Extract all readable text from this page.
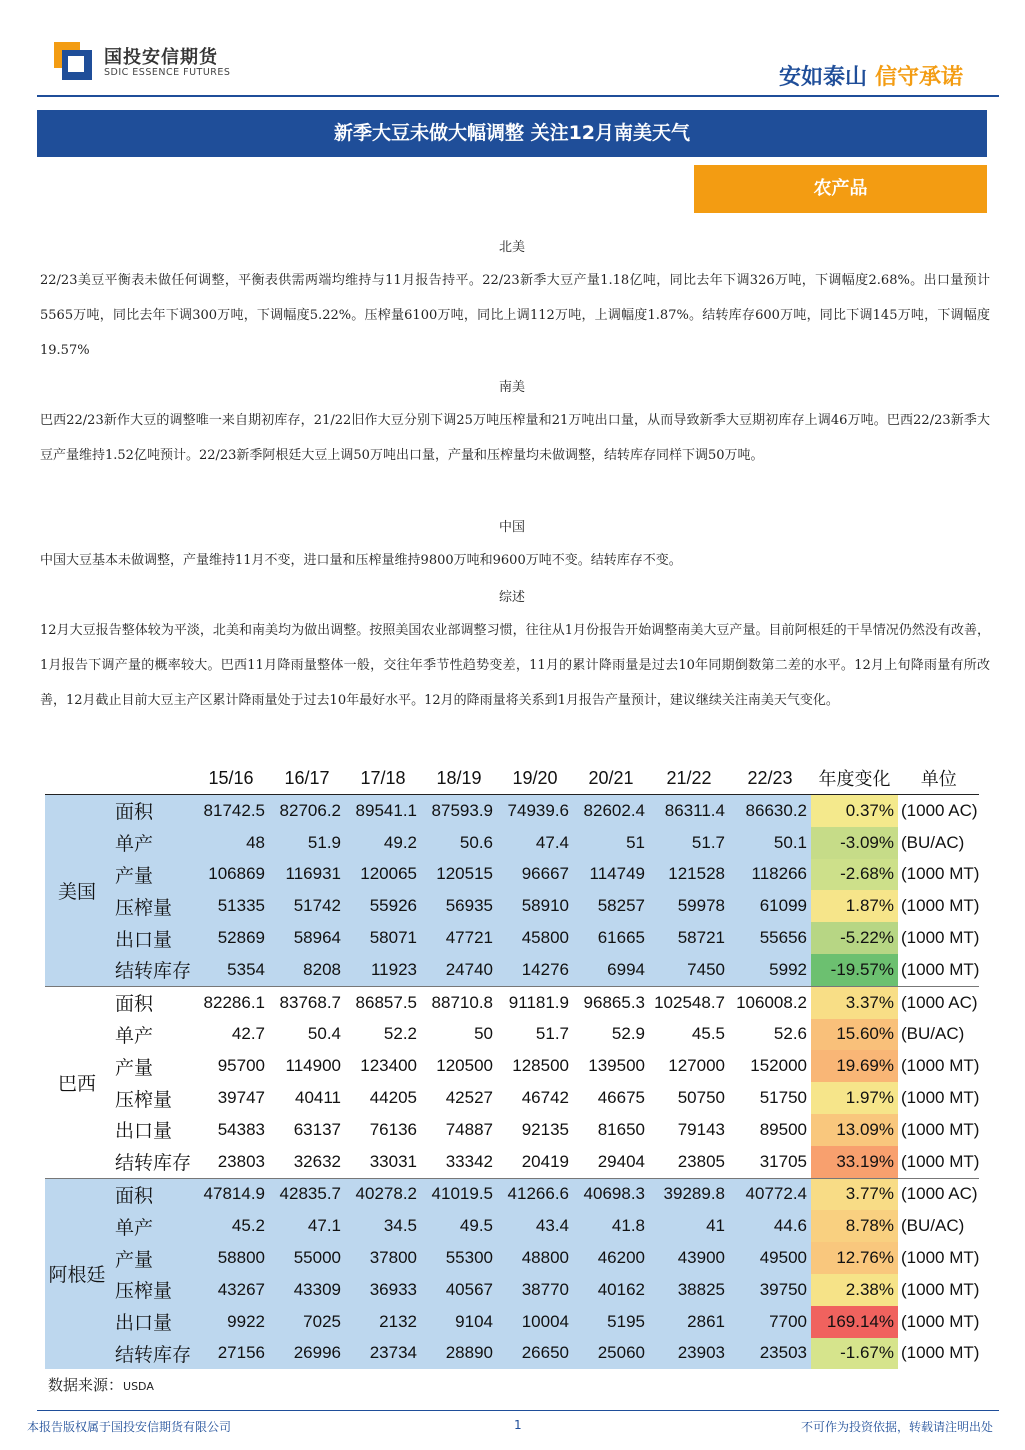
国投安信期货
SDIC ESSENCE FUTURES	安如泰山 信守承诺
新季大豆未做大幅调整 关注12月南美天气
农产品
北美

22/23美豆平衡表未做任何调整，平衡表供需两端均维持与11月报告持平。22/23新季大豆产量1.18亿吨，同比去年下调326万吨，下调幅度2.68%。出口量预计5565万吨，同比去年下调300万吨，下调幅度5.22%。压榨量6100万吨，同比上调112万吨，上调幅度1.87%。结转库存600万吨，同比下调145万吨，下调幅度19.57%

南美

巴西22/23新作大豆的调整唯一来自期初库存，21/22旧作大豆分别下调25万吨压榨量和21万吨出口量，从而导致新季大豆期初库存上调46万吨。巴西22/23新季大豆产量维持1.52亿吨预计。22/23新季阿根廷大豆上调50万吨出口量，产量和压榨量均未做调整，结转库存同样下调50万吨。

中国

中国大豆基本未做调整，产量维持11月不变，进口量和压榨量维持9800万吨和9600万吨不变。结转库存不变。

综述

12月大豆报告整体较为平淡，北美和南美均为做出调整。按照美国农业部调整习惯，往往从1月份报告开始调整南美大豆产量。目前阿根廷的干旱情况仍然没有改善，1月报告下调产量的概率较大。巴西11月降雨量整体一般，交往年季节性趋势变差，11月的累计降雨量是过去10年同期倒数第二差的水平。12月上旬降雨量有所改善，12月截止目前大豆主产区累计降雨量处于过去10年最好水平。12月的降雨量将关系到1月报告产量预计，建议继续关注南美天气变化。

		15/16	16/17	17/18	18/19	19/20	20/21	21/22	22/23	年度变化	单位
美国	面积	81742.5	82706.2	89541.1	87593.9	74939.6	82602.4	86311.4	86630.2	0.37%	(1000 AC)
	单产	48	51.9	49.2	50.6	47.4	51	51.7	50.1	-3.09%	(BU/AC)
	产量	106869	116931	120065	120515	96667	114749	121528	118266	-2.68%	(1000 MT)
	压榨量	51335	51742	55926	56935	58910	58257	59978	61099	1.87%	(1000 MT)
	出口量	52869	58964	58071	47721	45800	61665	58721	55656	-5.22%	(1000 MT)
	结转库存	5354	8208	11923	24740	14276	6994	7450	5992	-19.57%	(1000 MT)
巴西	面积	82286.1	83768.7	86857.5	88710.8	91181.9	96865.3	102548.7	106008.2	3.37%	(1000 AC)
	单产	42.7	50.4	52.2	50	51.7	52.9	45.5	52.6	15.60%	(BU/AC)
	产量	95700	114900	123400	120500	128500	139500	127000	152000	19.69%	(1000 MT)
	压榨量	39747	40411	44205	42527	46742	46675	50750	51750	1.97%	(1000 MT)
	出口量	54383	63137	76136	74887	92135	81650	79143	89500	13.09%	(1000 MT)
	结转库存	23803	32632	33031	33342	20419	29404	23805	31705	33.19%	(1000 MT)
阿根廷	面积	47814.9	42835.7	40278.2	41019.5	41266.6	40698.3	39289.8	40772.4	3.77%	(1000 AC)
	单产	45.2	47.1	34.5	49.5	43.4	41.8	41	44.6	8.78%	(BU/AC)
	产量	58800	55000	37800	55300	48800	46200	43900	49500	12.76%	(1000 MT)
	压榨量	43267	43309	36933	40567	38770	40162	38825	39750	2.38%	(1000 MT)
	出口量	9922	7025	2132	9104	10004	5195	2861	7700	169.14%	(1000 MT)
	结转库存	27156	26996	23734	28890	26650	25060	23903	23503	-1.67%	(1000 MT)
数据来源：USDA
本报告版权属于国投安信期货有限公司	1	不可作为投资依据，转载请注明出处
